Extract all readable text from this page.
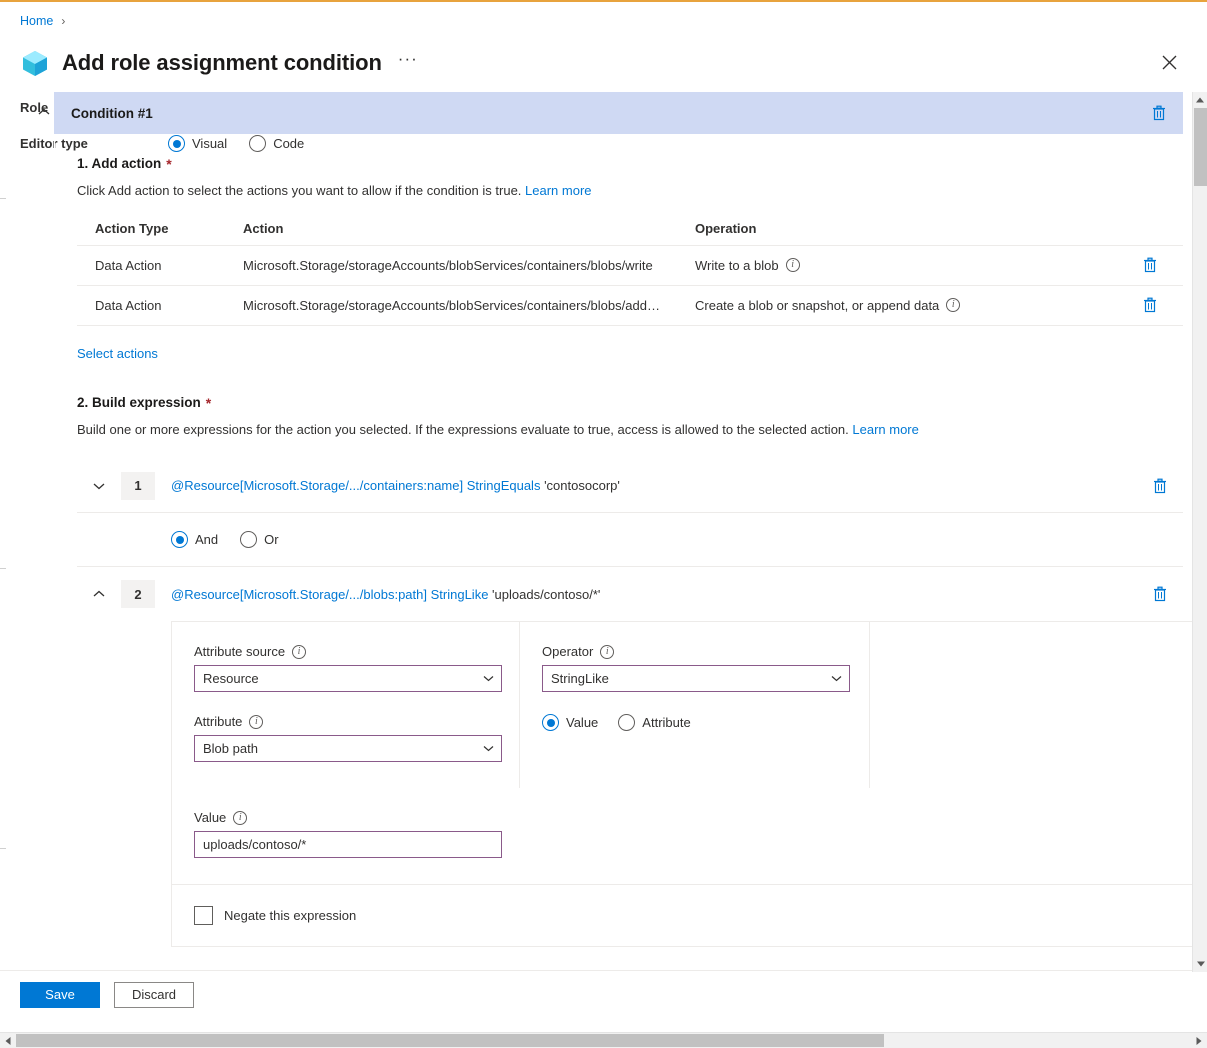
Home ›
Add role assignment condition ···
Role
Editor type	Visual	Code
Condition #1
1. Add action *
Click Add action to select the actions you want to allow if the condition is true. Learn more
Action Type	Action	Operation	
Data Action	Microsoft.Storage/storageAccounts/blobServices/containers/blobs/write	Write to a blob i

Data Action	Microsoft.Storage/storageAccounts/blobServices/containers/blobs/add…	Create a blob or snapshot, or append data i

Select actions
2. Build expression *
Build one or more expressions for the action you selected. If the expressions evaluate to true, access is allowed to the selected action. Learn more
1	@Resource[Microsoft.Storage/.../containers:name] StringEquals 'contosocorp'
And	Or
2	@Resource[Microsoft.Storage/.../blobs:path] StringLike 'uploads/contoso/*'
Attribute source	i
Resource
Attribute	i
Blob path
Operator	i
StringLike
Value	Attribute
Value	i
uploads/contoso/*
Negate this expression
Save	Discard
